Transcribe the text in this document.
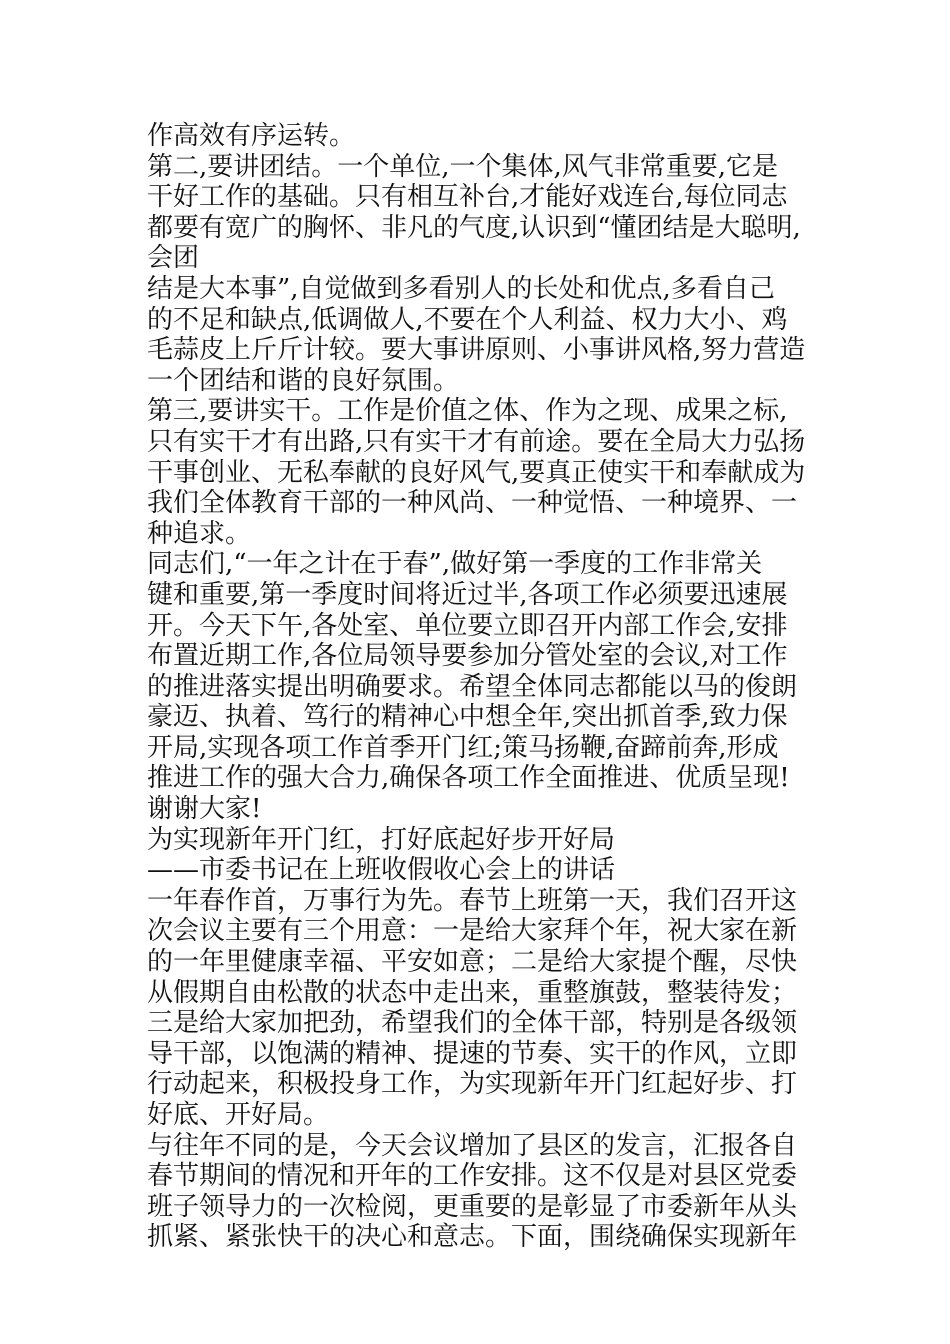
作高效有序运转。
第二,要讲团结。一个单位,一个集体,风气非常重要,它是
干好工作的基础。只有相互补台,才能好戏连台,每位同志
都要有宽广的胸怀、非凡的气度,认识到“懂团结是大聪明,
会团
结是大本事”,自觉做到多看别人的长处和优点,多看自己
的不足和缺点,低调做人,不要在个人利益、权力大小、鸡
毛蒜皮上斤斤计较。要大事讲原则、小事讲风格,努力营造
一个团结和谐的良好氛围。
第三,要讲实干。工作是价值之体、作为之现、成果之标,
只有实干才有出路,只有实干才有前途。要在全局大力弘扬
干事创业、无私奉献的良好风气,要真正使实干和奉献成为
我们全体教育干部的一种风尚、一种觉悟、一种境界、一
种追求。
同志们,“一年之计在于春”,做好第一季度的工作非常关
键和重要,第一季度时间将近过半,各项工作必须要迅速展
开。今天下午,各处室、单位要立即召开内部工作会,安排
布置近期工作,各位局领导要参加分管处室的会议,对工作
的推进落实提出明确要求。希望全体同志都能以马的俊朗
豪迈、执着、笃行的精神心中想全年,突出抓首季,致力保
开局,实现各项工作首季开门红;策马扬鞭,奋蹄前奔,形成
推进工作的强大合力,确保各项工作全面推进、优质呈现!
谢谢大家!
为实现新年开门红，打好底起好步开好局
——市委书记在上班收假收心会上的讲话
一年春作首，万事行为先。春节上班第一天，我们召开这
次会议主要有三个用意：一是给大家拜个年，祝大家在新
的一年里健康幸福、平安如意；二是给大家提个醒，尽快
从假期自由松散的状态中走出来，重整旗鼓，整装待发；
三是给大家加把劲，希望我们的全体干部，特别是各级领
导干部，以饱满的精神、提速的节奏、实干的作风，立即
行动起来，积极投身工作，为实现新年开门红起好步、打
好底、开好局。
与往年不同的是，今天会议增加了县区的发言，汇报各自
春节期间的情况和开年的工作安排。这不仅是对县区党委
班子领导力的一次检阅，更重要的是彰显了市委新年从头
抓紧、紧张快干的决心和意志。下面，围绕确保实现新年
